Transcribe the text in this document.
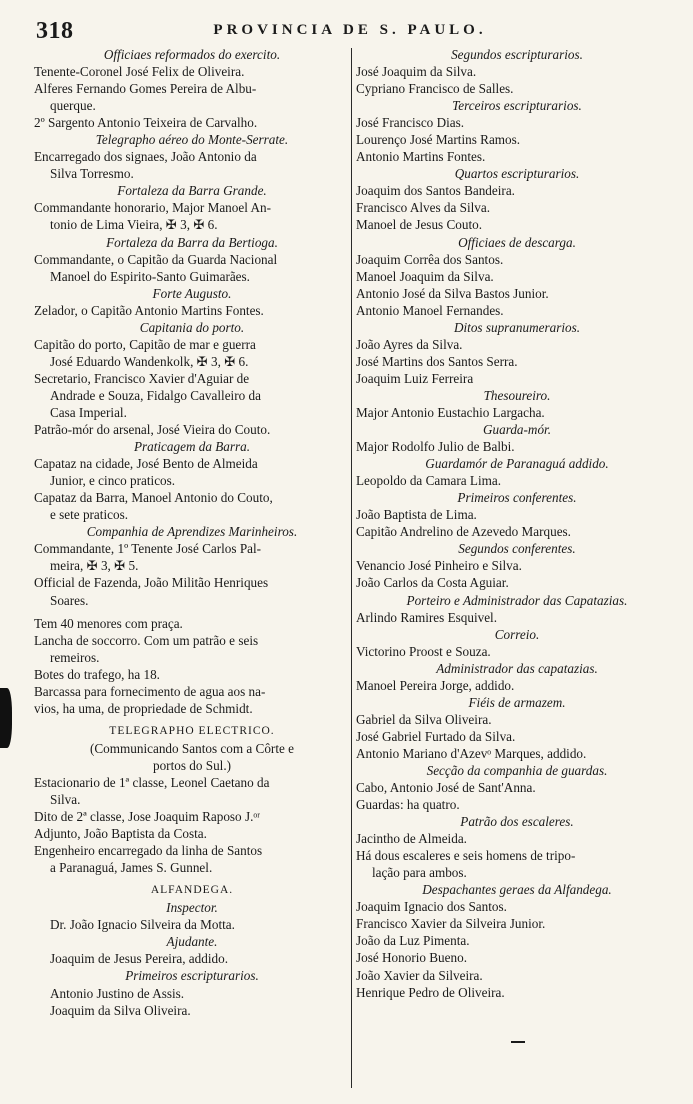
318	PROVINCIA DE S. PAULO.
Officiaes reformados do exercito.
Tenente-Coronel José Felix de Oliveira.
Alferes Fernando Gomes Pereira de Albu-
querque.
2º Sargento Antonio Teixeira de Carvalho.
Telegrapho aéreo do Monte-Serrate.
Encarregado dos signaes, João Antonio da
Silva Torresmo.
Fortaleza da Barra Grande.
Commandante honorario, Major Manoel An-
tonio de Lima Vieira, ✠ 3, ✠ 6.
Fortaleza da Barra da Bertioga.
Commandante, o Capitão da Guarda Nacional
Manoel do Espirito-Santo Guimarães.
Forte Augusto.
Zelador, o Capitão Antonio Martins Fontes.
Capitania do porto.
Capitão do porto, Capitão de mar e guerra
José Eduardo Wandenkolk, ✠ 3, ✠ 6.
Secretario, Francisco Xavier d'Aguiar de
Andrade e Souza, Fidalgo Cavalleiro da
Casa Imperial.
Patrão-mór do arsenal, José Vieira do Couto.
Praticagem da Barra.
Capataz na cidade, José Bento de Almeida
Junior, e cinco praticos.
Capataz da Barra, Manoel Antonio do Couto,
e sete praticos.
Companhia de Aprendizes Marinheiros.
Commandante, 1º Tenente José Carlos Pal-
meira, ✠ 3, ✠ 5.
Official de Fazenda, João Militão Henriques
Soares.
Tem 40 menores com praça.
Lancha de soccorro. Com um patrão e seis
remeiros.
Botes do trafego, ha 18.
Barcassa para fornecimento de agua aos na-
vios, ha uma, de propriedade de Schmidt.
TELEGRAPHO ELECTRICO.
(Communicando Santos com a Côrte e
portos do Sul.)
Estacionario de 1ª classe, Leonel Caetano da
Silva.
Dito de 2ª classe, Jose Joaquim Raposo J.ᵒʳ
Adjunto, João Baptista da Costa.
Engenheiro encarregado da linha de Santos
a Paranaguá, James S. Gunnel.
ALFANDEGA.
Inspector.
Dr. João Ignacio Silveira da Motta.
Ajudante.
Joaquim de Jesus Pereira, addido.
Primeiros escripturarios.
Antonio Justino de Assis.
Joaquim da Silva Oliveira.
Segundos escripturarios.
José Joaquim da Silva.
Cypriano Francisco de Salles.
Terceiros escripturarios.
José Francisco Dias.
Lourenço José Martins Ramos.
Antonio Martins Fontes.
Quartos escripturarios.
Joaquim dos Santos Bandeira.
Francisco Alves da Silva.
Manoel de Jesus Couto.
Officiaes de descarga.
Joaquim Corrêa dos Santos.
Manoel Joaquim da Silva.
Antonio José da Silva Bastos Junior.
Antonio Manoel Fernandes.
Ditos supranumerarios.
João Ayres da Silva.
José Martins dos Santos Serra.
Joaquim Luiz Ferreira
Thesoureiro.
Major Antonio Eustachio Largacha.
Guarda-mór.
Major Rodolfo Julio de Balbi.
Guardamór de Paranaguá addido.
Leopoldo da Camara Lima.
Primeiros conferentes.
João Baptista de Lima.
Capitão Andrelino de Azevedo Marques.
Segundos conferentes.
Venancio José Pinheiro e Silva.
João Carlos da Costa Aguiar.
Porteiro e Administrador das Capatazias.
Arlindo Ramires Esquivel.
Correio.
Victorino Proost e Souza.
Administrador das capatazias.
Manoel Pereira Jorge, addido.
Fiéis de armazem.
Gabriel da Silva Oliveira.
José Gabriel Furtado da Silva.
Antonio Mariano d'Azevᵒ Marques, addido.
Secção da companhia de guardas.
Cabo, Antonio José de Sant'Anna.
Guardas: ha quatro.
Patrão dos escaleres.
Jacintho de Almeida.
Há dous escaleres e seis homens de tripo-
lação para ambos.
Despachantes geraes da Alfandega.
Joaquim Ignacio dos Santos.
Francisco Xavier da Silveira Junior.
João da Luz Pimenta.
José Honorio Bueno.
João Xavier da Silveira.
Henrique Pedro de Oliveira.
